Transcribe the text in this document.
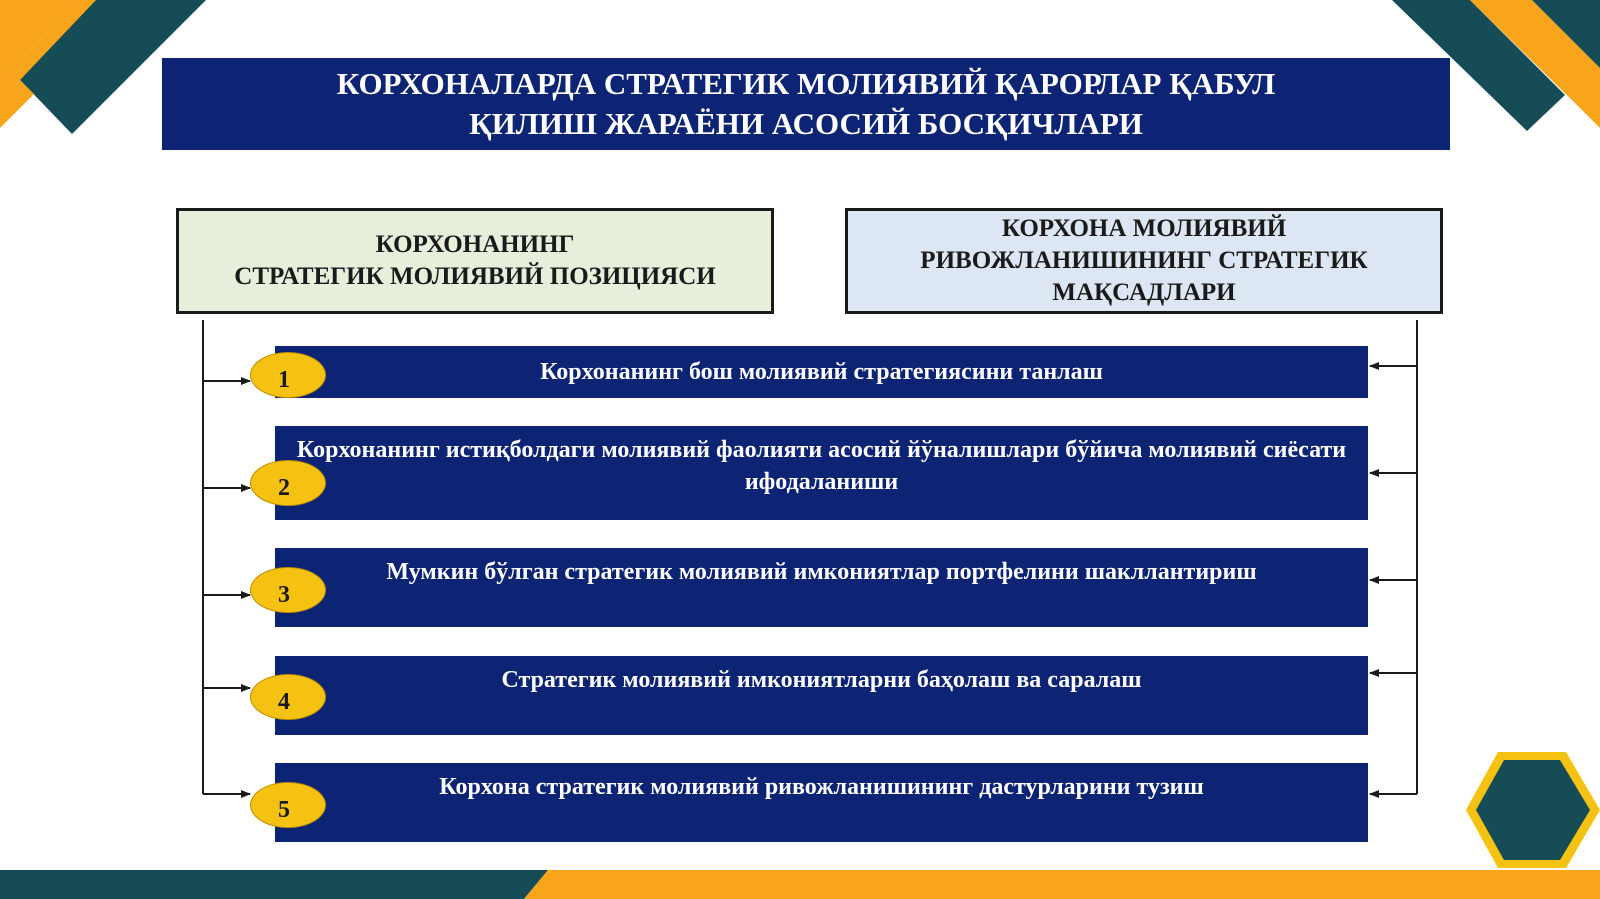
КОРХОНАЛАРДА СТРАТЕГИК МОЛИЯВИЙ ҚАРОРЛАР ҚАБУЛ
ҚИЛИШ ЖАРАЁНИ АСОСИЙ БОСҚИЧЛАРИ
КОРХОНАНИНГ
СТРАТЕГИК МОЛИЯВИЙ ПОЗИЦИЯСИ
КОРХОНА МОЛИЯВИЙ
РИВОЖЛАНИШИНИНГ СТРАТЕГИК
МАҚСАДЛАРИ
Корхонанинг бош молиявий стратегиясини танлаш
Корхонанинг истиқболдаги молиявий фаолияти асосий йўналишлари бўйича молиявий сиёсати ифодаланиши
Мумкин бўлган стратегик молиявий имкониятлар портфелини шакллантириш
Стратегик молиявий имкониятларни баҳолаш ва саралаш
Корхона стратегик молиявий ривожланишининг дастурларини тузиш
1
2
3
4
5
